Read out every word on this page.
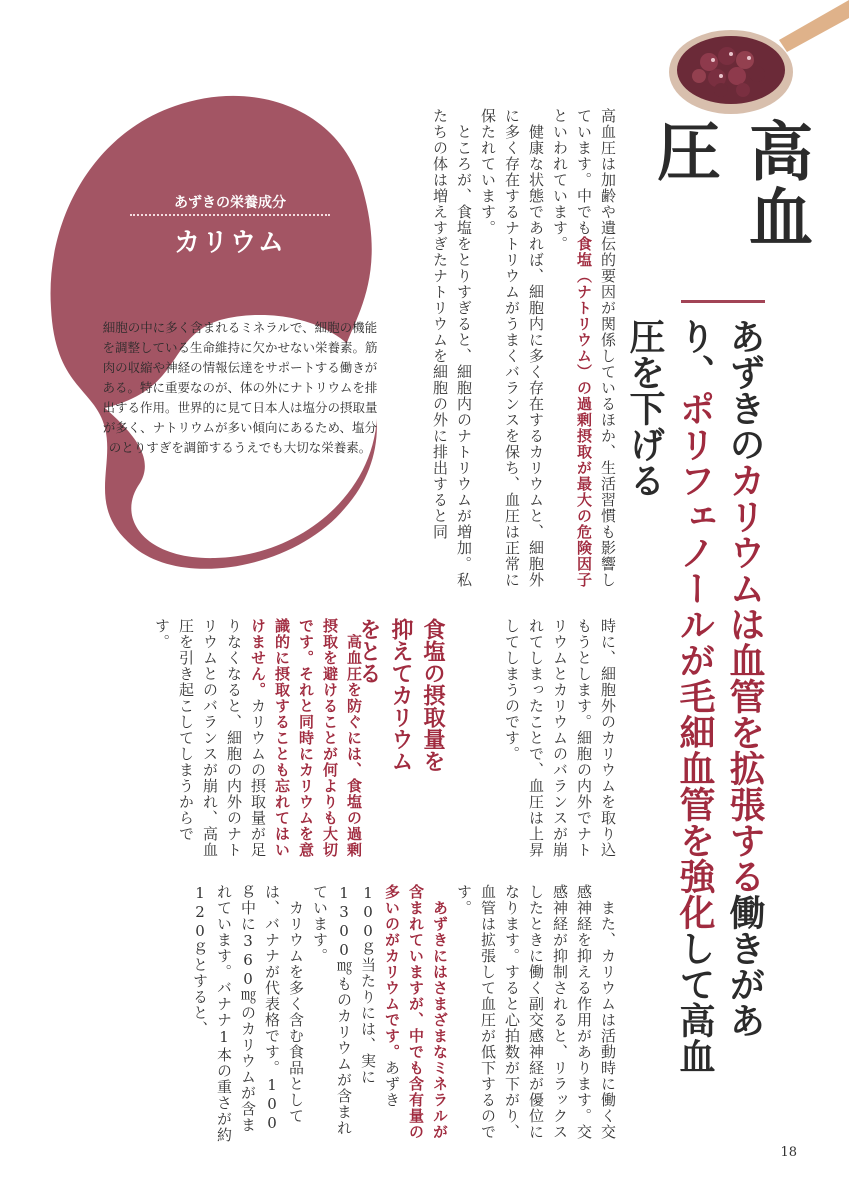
高血圧
あずきのカリウムは血管を拡張する働きがあり、ポリフェノールが毛細血管を強化して高血圧を下げる
あずきの栄養成分
カリウム
細胞の中に多く含まれるミネラルで、細胞の機能を調整している生命維持に欠かせない栄養素。筋肉の収縮や神経の情報伝達をサポートする働きがある。特に重要なのが、体の外にナトリウムを排出する作用。世界的に見て日本人は塩分の摂取量が多く、ナトリウムが多い傾向にあるため、塩分のとりすぎを調節するうえでも大切な栄養素。	高血圧は加齢や遺伝的要因が関係しているほか、生活習慣も影響しています。中でも食塩（ナトリウム）の過剰摂取が最大の危険因子といわれています。
　健康な状態であれば、細胞内に多く存在するカリウムと、細胞外に多く存在するナトリウムがうまくバランスを保ち、血圧は正常に保たれています。
　ところが、食塩をとりすぎると、細胞内のナトリウムが増加。私たちの体は増えすぎたナトリウムを細胞の外に排出すると同
時に、細胞外のカリウムを取り込もうとします。細胞の内外でナトリウムとカリウムのバランスが崩れてしまったことで、血圧は上昇してしまうのです。
食塩の摂取量を抑えてカリウムをとる
　高血圧を防ぐには、食塩の過剰摂取を避けることが何よりも大切です。それと同時にカリウムを意識的に摂取することも忘れてはいけません。カリウムの摂取量が足りなくなると、細胞の内外のナトリウムとのバランスが崩れ、高血圧を引き起こしてしまうからです。
　また、カリウムは活動時に働く交感神経を抑える作用があります。交感神経が抑制されると、リラックスしたときに働く副交感神経が優位になります。すると心拍数が下がり、血管は拡張して血圧が低下するのです。
　あずきにはさまざまなミネラルが含まれていますが、中でも含有量の多いのがカリウムです。あずき100ｇ当たりには、実に1300㎎ものカリウムが含まれています。
　カリウムを多く含む食品としては、バナナが代表格です。100ｇ中に360㎎のカリウムが含まれています。バナナ1本の重さが約120ｇとすると、
18
